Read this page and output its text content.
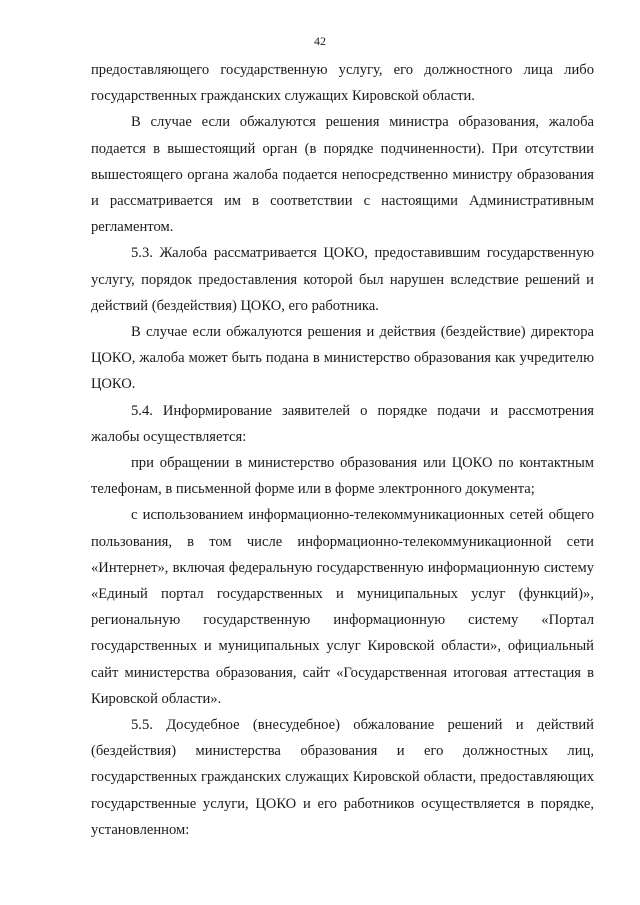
42

предоставляющего государственную услугу, его должностного лица либо государственных гражданских служащих Кировской области.

В случае если обжалуются решения министра образования, жалоба подается в вышестоящий орган (в порядке подчиненности). При отсутствии вышестоящего органа жалоба подается непосредственно министру образования и рассматривается им в соответствии с настоящими Административным регламентом.

5.3. Жалоба рассматривается ЦОКО, предоставившим государственную услугу, порядок предоставления которой был нарушен вследствие решений и действий (бездействия) ЦОКО, его работника.

В случае если обжалуются решения и действия (бездействие) директора ЦОКО, жалоба может быть подана в министерство образования как учредителю ЦОКО.

5.4. Информирование заявителей о порядке подачи и рассмотрения жалобы осуществляется:

при обращении в министерство образования или ЦОКО по контактным телефонам, в письменной форме или в форме электронного документа;

с использованием информационно-телекоммуникационных сетей общего пользования, в том числе информационно-телекоммуникационной сети «Интернет», включая федеральную государственную информационную систему «Единый портал государственных и муниципальных услуг (функций)», региональную государственную информационную систему «Портал государственных и муниципальных услуг Кировской области», официальный сайт министерства образования, сайт «Государственная итоговая аттестация в Кировской области».

5.5. Досудебное (внесудебное) обжалование решений и действий (бездействия) министерства образования и его должностных лиц, государственных гражданских служащих Кировской области, предоставляющих государственные услуги, ЦОКО и его работников осуществляется в порядке, установленном:
